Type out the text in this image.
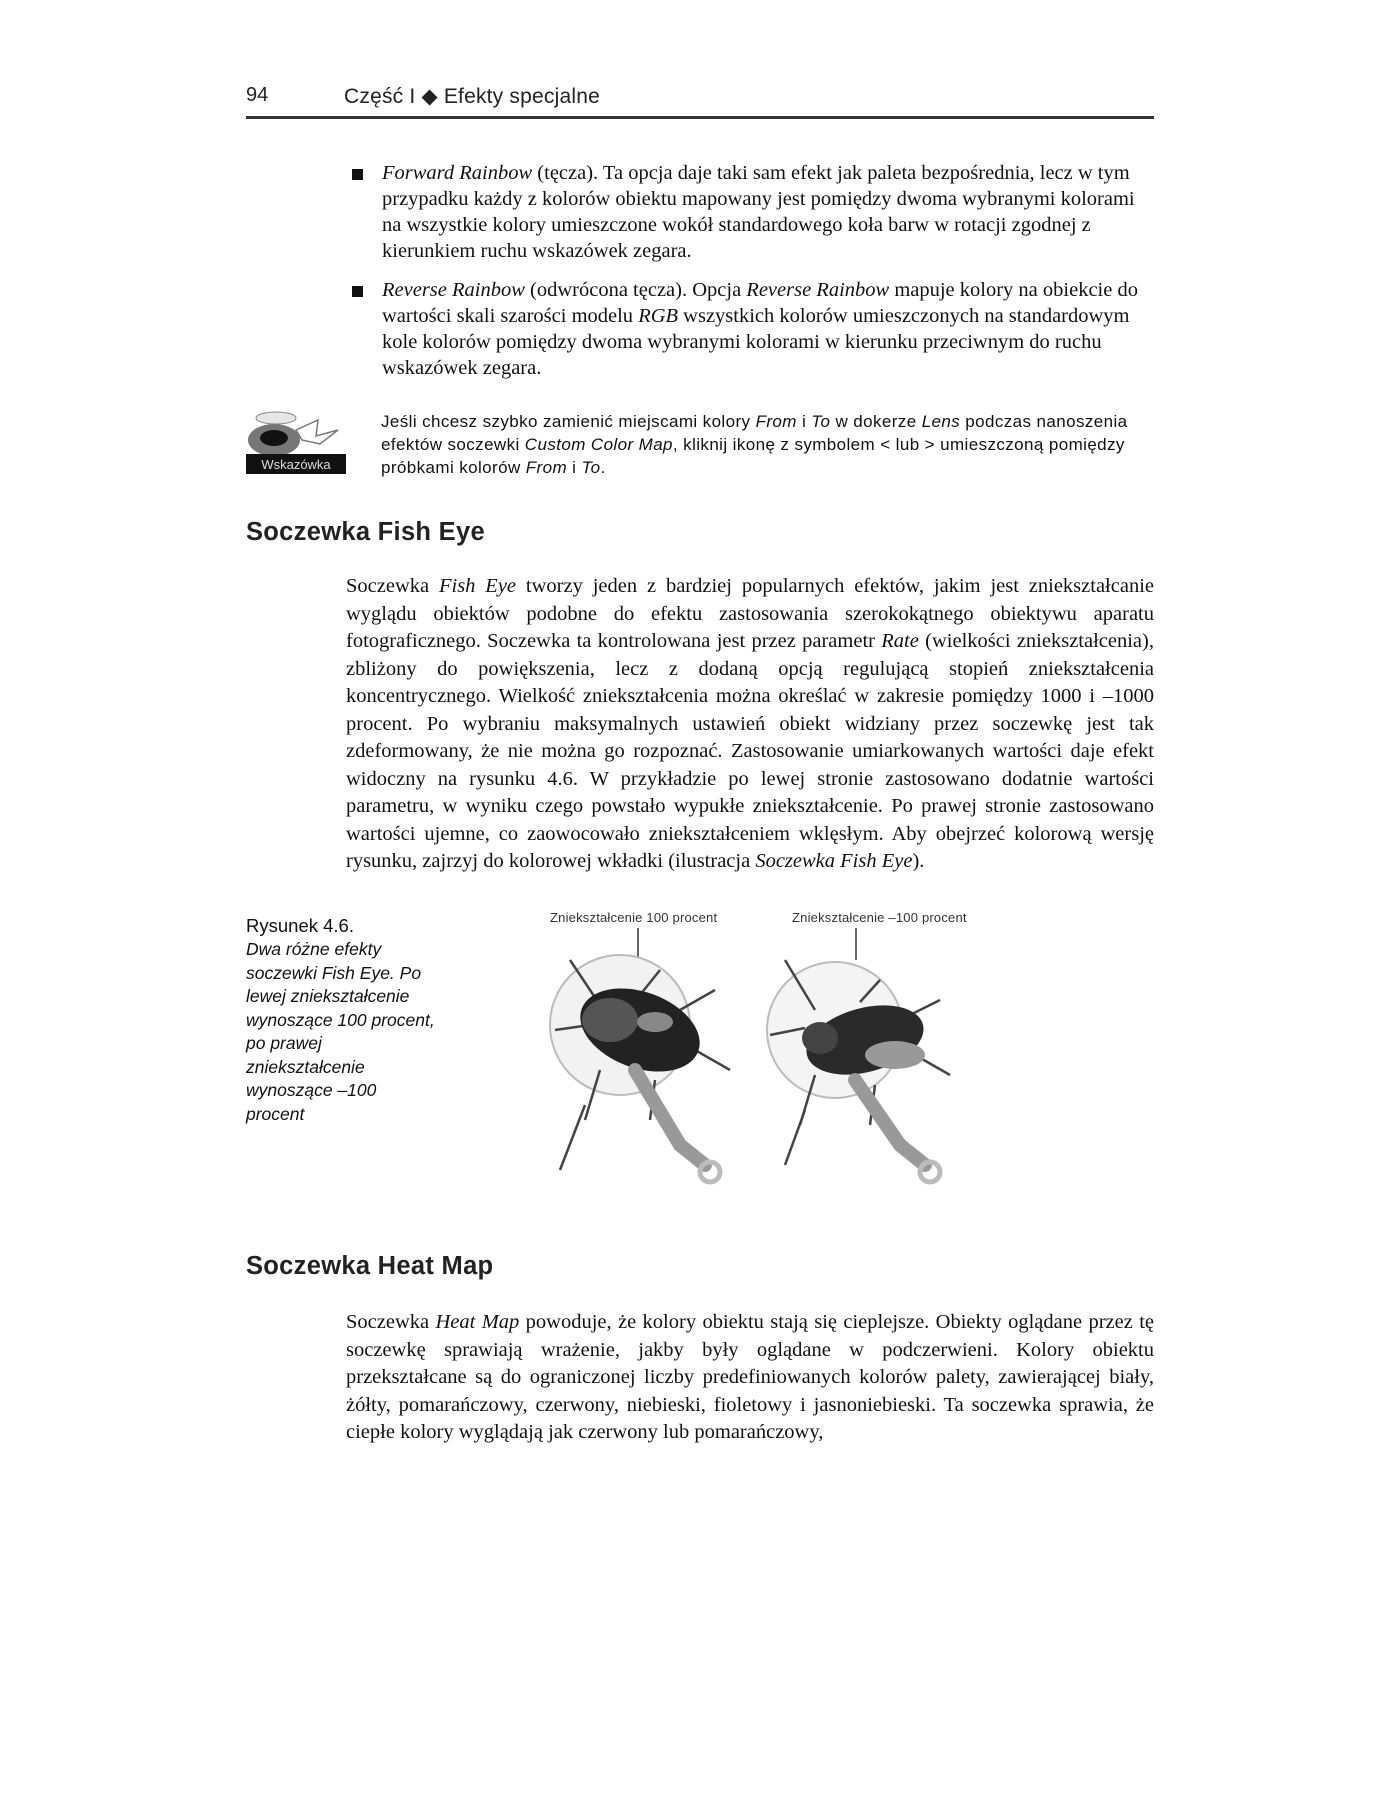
94	Część I ◆ Efekty specjalne
Forward Rainbow (tęcza). Ta opcja daje taki sam efekt jak paleta bezpośrednia, lecz w tym przypadku każdy z kolorów obiektu mapowany jest pomiędzy dwoma wybranymi kolorami na wszystkie kolory umieszczone wokół standardowego koła barw w rotacji zgodnej z kierunkiem ruchu wskazówek zegara.
Reverse Rainbow (odwrócona tęcza). Opcja Reverse Rainbow mapuje kolory na obiekcie do wartości skali szarości modelu RGB wszystkich kolorów umieszczonych na standardowym kole kolorów pomiędzy dwoma wybranymi kolorami w kierunku przeciwnym do ruchu wskazówek zegara.
Wskazówka
Jeśli chcesz szybko zamienić miejscami kolory From i To w dokerze Lens podczas nanoszenia efektów soczewki Custom Color Map, kliknij ikonę z symbolem < lub > umieszczoną pomiędzy próbkami kolorów From i To.
Soczewka Fish Eye
Soczewka Fish Eye tworzy jeden z bardziej popularnych efektów, jakim jest zniekształcanie wyglądu obiektów podobne do efektu zastosowania szerokokątnego obiektywu aparatu fotograficznego. Soczewka ta kontrolowana jest przez parametr Rate (wielkości zniekształcenia), zbliżony do powiększenia, lecz z dodaną opcją regulującą stopień zniekształcenia koncentrycznego. Wielkość zniekształcenia można określać w zakresie pomiędzy 1000 i –1000 procent. Po wybraniu maksymalnych ustawień obiekt widziany przez soczewkę jest tak zdeformowany, że nie można go rozpoznać. Zastosowanie umiarkowanych wartości daje efekt widoczny na rysunku 4.6. W przykładzie po lewej stronie zastosowano dodatnie wartości parametru, w wyniku czego powstało wypukłe zniekształcenie. Po prawej stronie zastosowano wartości ujemne, co zaowocowało zniekształceniem wklęsłym. Aby obejrzeć kolorową wersję rysunku, zajrzyj do kolorowej wkładki (ilustracja Soczewka Fish Eye).
Rysunek 4.6.
Dwa różne efekty soczewki Fish Eye. Po lewej zniekształcenie wynoszące 100 procent, po prawej zniekształcenie wynoszące –100 procent
Zniekształcenie 100 procent	Zniekształcenie –100 procent
Soczewka Heat Map
Soczewka Heat Map powoduje, że kolory obiektu stają się cieplejsze. Obiekty oglądane przez tę soczewkę sprawiają wrażenie, jakby były oglądane w podczerwieni. Kolory obiektu przekształcane są do ograniczonej liczby predefiniowanych kolorów palety, zawierającej biały, żółty, pomarańczowy, czerwony, niebieski, fioletowy i jasnoniebieski. Ta soczewka sprawia, że ciepłe kolory wyglądają jak czerwony lub pomarańczowy,
